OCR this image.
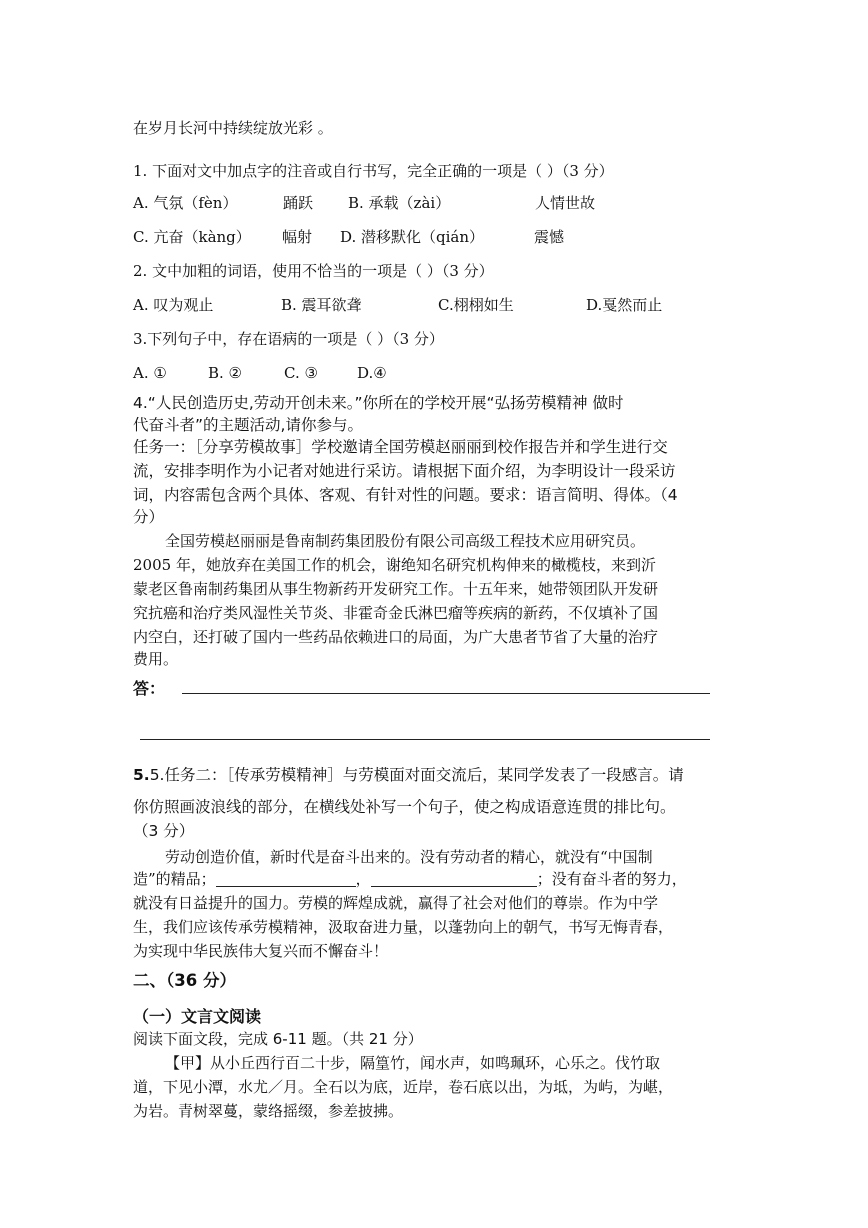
在岁月长河中持续绽放光彩 。
1. 下面对文中加点字的注音或自行书写，完全正确的一项是（ ）（3 分）
A. 气氛（fèn）	踊跃 B. 承载（zài）	人情世故
C. 亢奋（kàng） 幅射 D. 潜移默化（qián）	震憾
2. 文中加粗的词语，使用不恰当的一项是（ ）（3 分）
A. 叹为观止	B. 震耳欲聋	C.栩栩如生	D.戛然而止
3.下列句子中，存在语病的一项是（ ）（3 分）
A. ①	B. ②	C. ③	D.④
4.“人民创造历史,劳动开创未来。”你所在的学校开展“弘扬劳模精神 做时
代奋斗者”的主题活动,请你参与。
任务一：［分享劳模故事］学校邀请全国劳模赵丽丽到校作报告并和学生进行交
流，安排李明作为小记者对她进行采访。请根据下面介绍，为李明设计一段采访
词，内容需包含两个具体、客观、有针对性的问题。要求：语言简明、得体。（4
分）
全国劳模赵丽丽是鲁南制药集团股份有限公司高级工程技术应用研究员。
2005 年，她放弃在美国工作的机会，谢绝知名研究机构伸来的橄榄枝，来到沂
蒙老区鲁南制药集团从事生物新药开发研究工作。十五年来，她带领团队开发研
究抗癌和治疗类风湿性关节炎、非霍奇金氏淋巴瘤等疾病的新药，不仅填补了国
内空白，还打破了国内一些药品依赖进口的局面，为广大患者节省了大量的治疗
费用。
答：
5.5.任务二：［传承劳模精神］与劳模面对面交流后，某同学发表了一段感言。请
你仿照画波浪线的部分，在横线处补写一个句子，使之构成语意连贯的排比句。
（3 分）
劳动创造价值，新时代是奋斗出来的。没有劳动者的精心，就没有“中国制
造”的精品；	，	；没有奋斗者的努力，
就没有日益提升的国力。劳模的辉煌成就，赢得了社会对他们的尊崇。作为中学
生，我们应该传承劳模精神，汲取奋进力量，以蓬勃向上的朝气，书写无悔青春，
为实现中华民族伟大复兴而不懈奋斗！
二、（36 分）
（一）文言文阅读
阅读下面文段，完成 6-11 题。（共 21 分）
【甲】从小丘西行百二十步，隔篁竹，闻水声，如鸣珮环，心乐之。伐竹取
道，下见小潭，水尤／月。全石以为底，近岸，卷石底以出，为坻，为屿，为嵁，
为岩。青树翠蔓，蒙络摇缀，参差披拂。
